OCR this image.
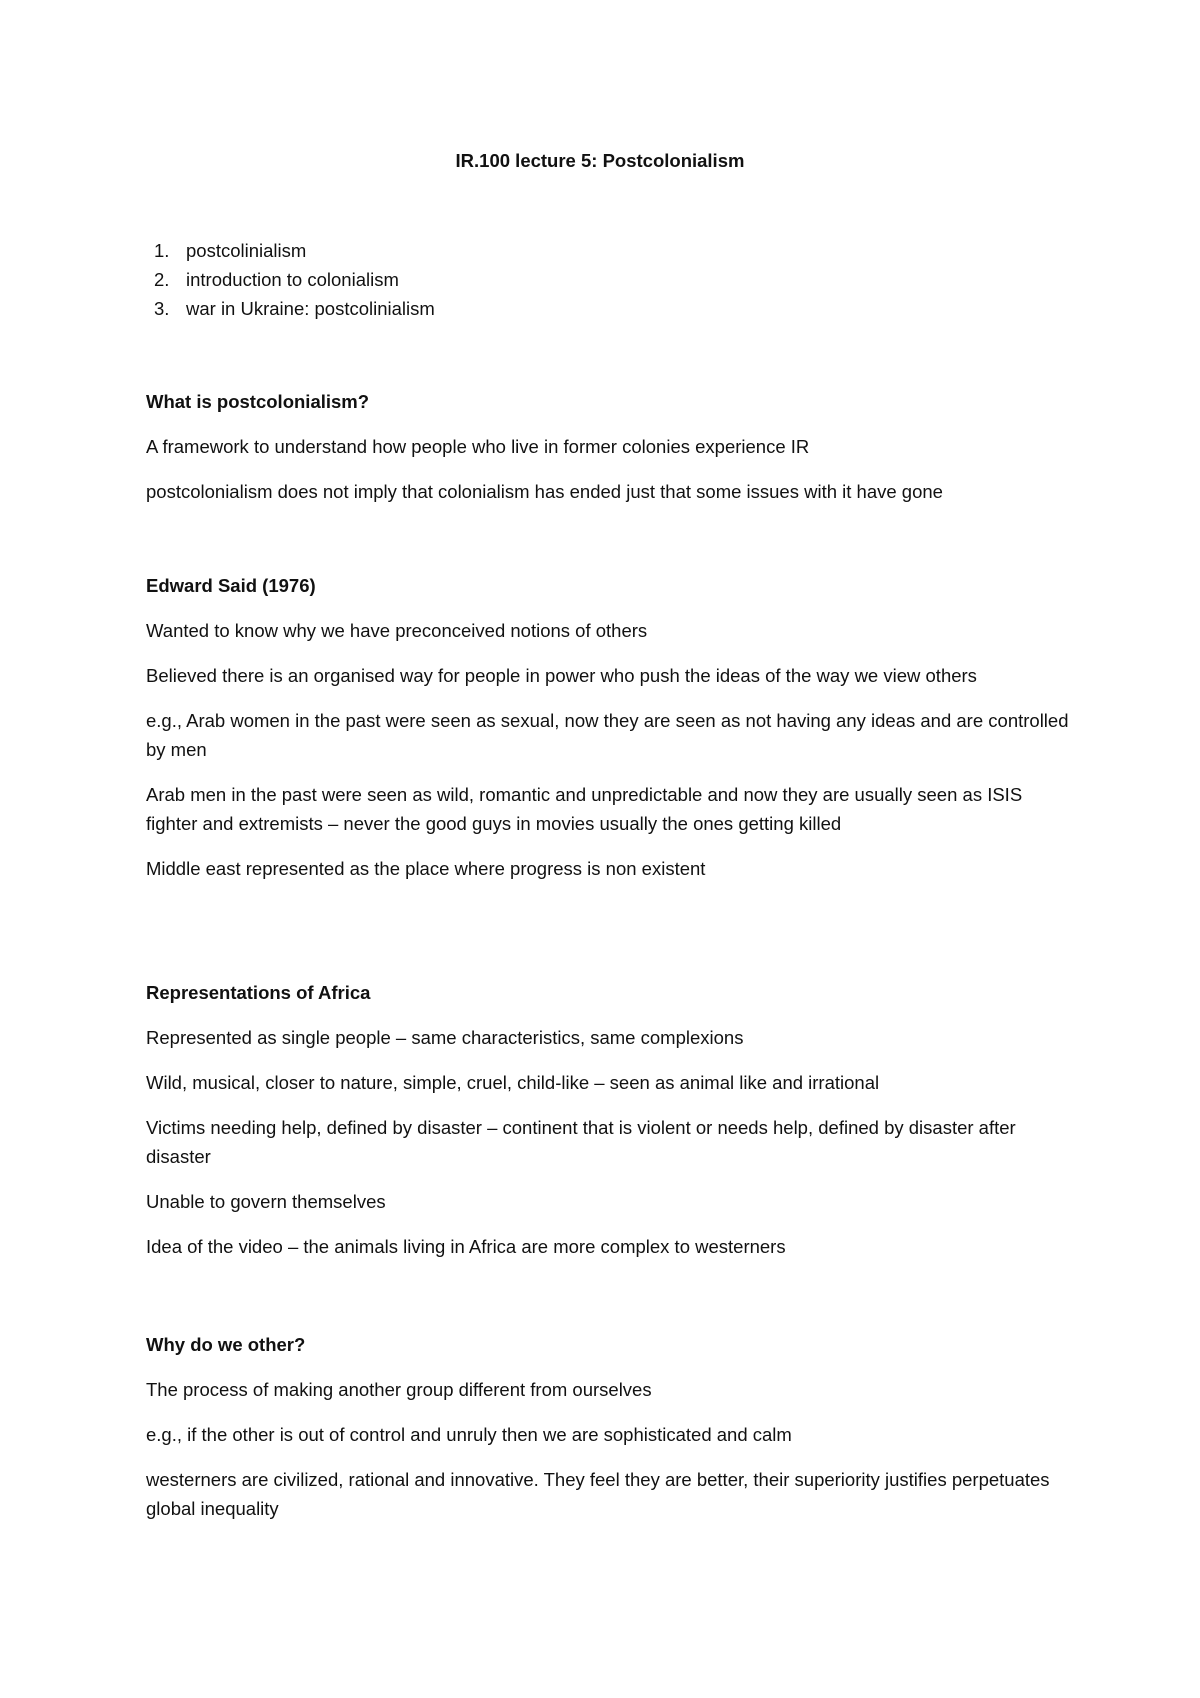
IR.100 lecture 5: Postcolonialism
1. postcolinialism
2. introduction to colonialism
3. war in Ukraine: postcolinialism
What is postcolonialism?

A framework to understand how people who live in former colonies experience IR

postcolonialism does not imply that colonialism has ended just that some issues with it have gone

Edward Said (1976)

Wanted to know why we have preconceived notions of others

Believed there is an organised way for people in power who push the ideas of the way we view others

e.g., Arab women in the past were seen as sexual, now they are seen as not having any ideas and are controlled by men

Arab men in the past were seen as wild, romantic and unpredictable and now they are usually seen as ISIS fighter and extremists – never the good guys in movies usually the ones getting killed

Middle east represented as the place where progress is non existent

Representations of Africa

Represented as single people – same characteristics, same complexions

Wild, musical, closer to nature, simple, cruel, child-like – seen as animal like and irrational

Victims needing help, defined by disaster – continent that is violent or needs help, defined by disaster after disaster

Unable to govern themselves

Idea of the video – the animals living in Africa are more complex to westerners

Why do we other?

The process of making another group different from ourselves

e.g., if the other is out of control and unruly then we are sophisticated and calm

westerners are civilized, rational and innovative. They feel they are better, their superiority justifies perpetuates global inequality
